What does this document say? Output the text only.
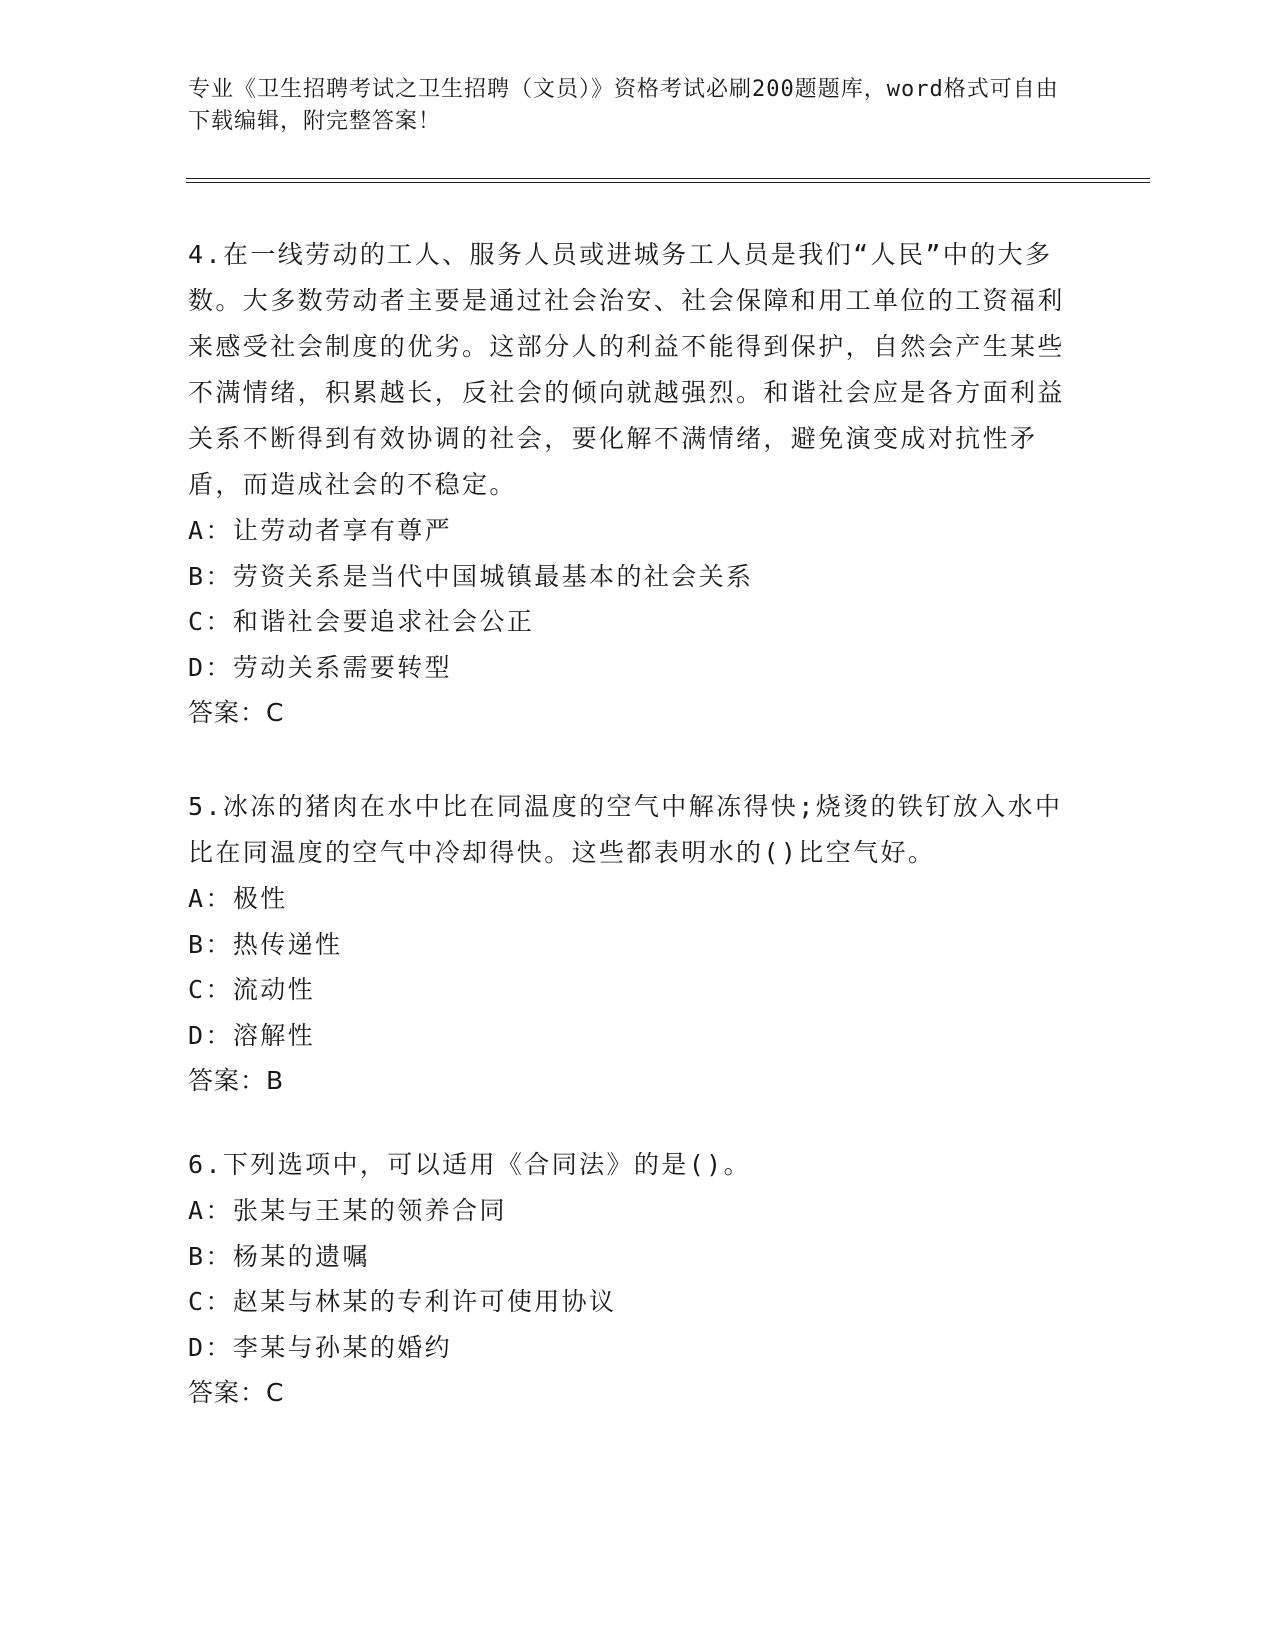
专业《卫生招聘考试之卫生招聘（文员）》资格考试必刷200题题库，word格式可自由下载编辑，附完整答案！

4.在一线劳动的工人、服务人员或进城务工人员是我们“人民”中的大多数。大多数劳动者主要是通过社会治安、社会保障和用工单位的工资福利来感受社会制度的优劣。这部分人的利益不能得到保护，自然会产生某些不满情绪，积累越长，反社会的倾向就越强烈。和谐社会应是各方面利益关系不断得到有效协调的社会，要化解不满情绪，避免演变成对抗性矛盾，而造成社会的不稳定。

A：让劳动者享有尊严

B：劳资关系是当代中国城镇最基本的社会关系

C：和谐社会要追求社会公正

D：劳动关系需要转型

答案：C

5.冰冻的猪肉在水中比在同温度的空气中解冻得快;烧烫的铁钉放入水中比在同温度的空气中冷却得快。这些都表明水的()比空气好。

A：极性

B：热传递性

C：流动性

D：溶解性

答案：B

6.下列选项中，可以适用《合同法》的是()。

A：张某与王某的领养合同

B：杨某的遗嘱

C：赵某与林某的专利许可使用协议

D：李某与孙某的婚约

答案：C
